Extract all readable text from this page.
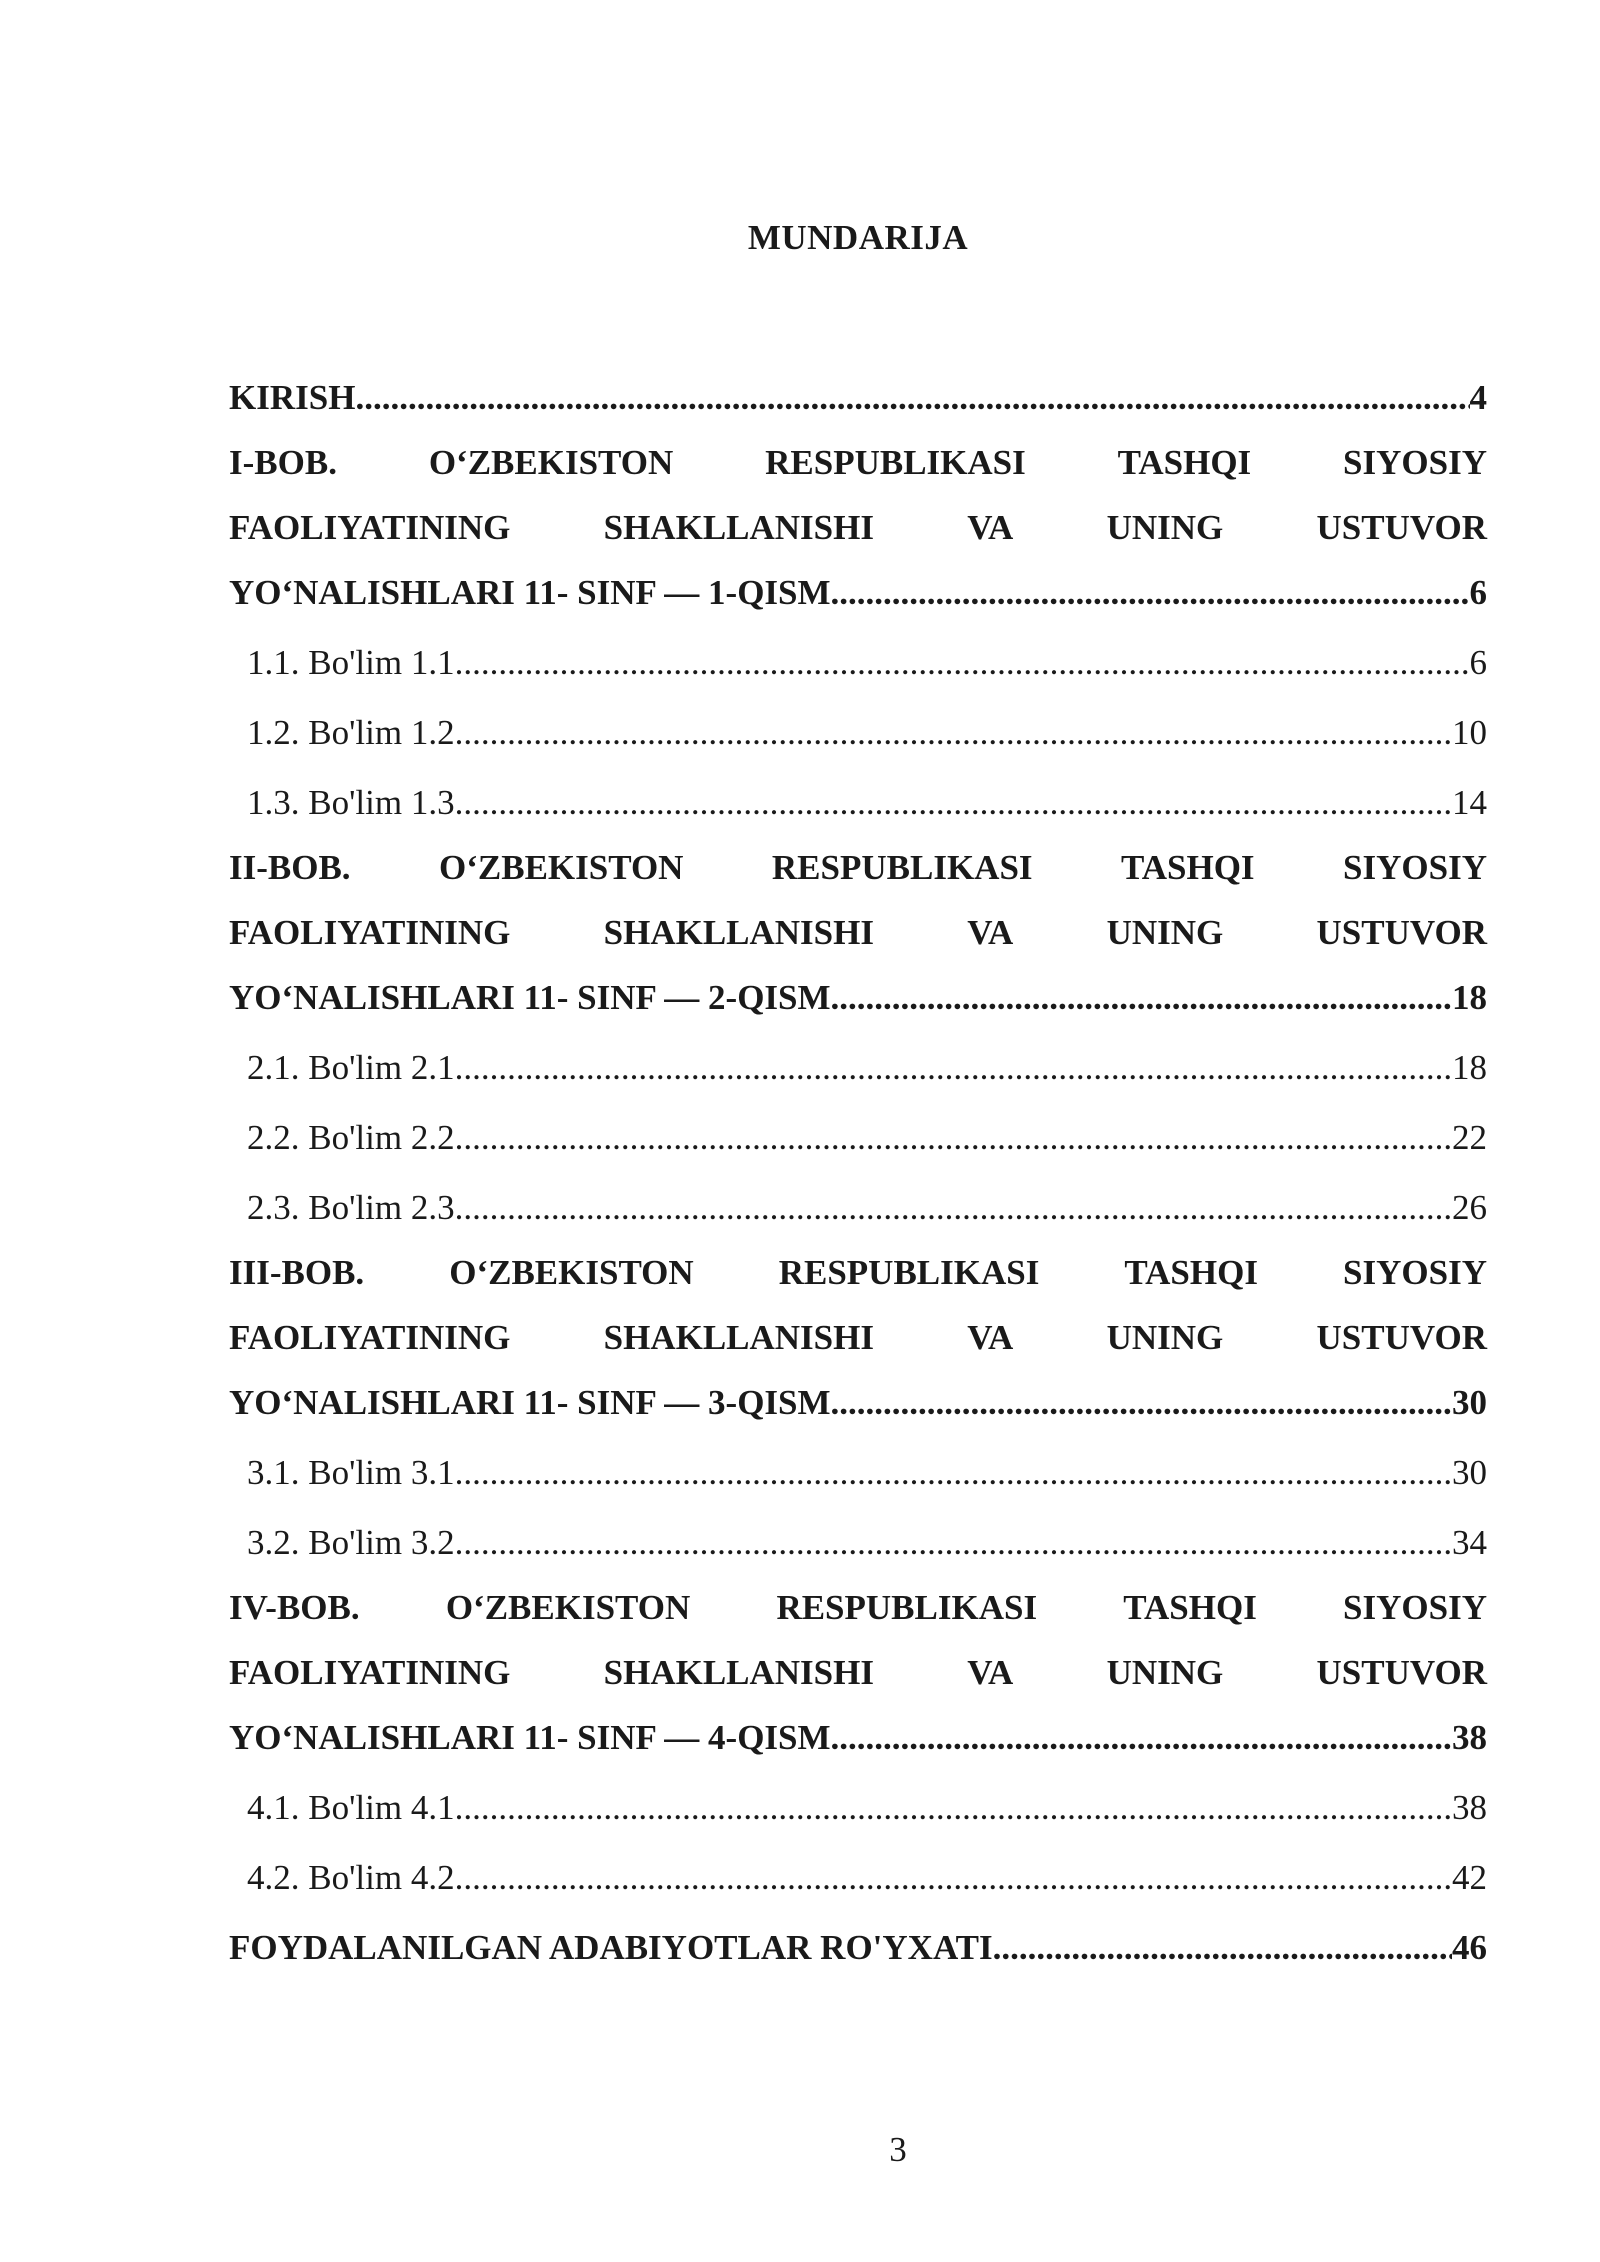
MUNDARIJA
KIRISH .....	4
I-BOB.	O‘ZBEKISTON	RESPUBLIKASI	TASHQI	SIYOSIY
FAOLIYATINING	SHAKLLANISHI	VA	UNING	USTUVOR
YO‘NALISHLARI 11- SINF — 1-QISM .....	6
1.1. Bo'lim 1.1 .....	6
1.2. Bo'lim 1.2 .....	10
1.3. Bo'lim 1.3 .....	14
II-BOB.	O‘ZBEKISTON	RESPUBLIKASI	TASHQI	SIYOSIY
FAOLIYATINING	SHAKLLANISHI	VA	UNING	USTUVOR
YO‘NALISHLARI 11- SINF — 2-QISM .....	18
2.1. Bo'lim 2.1 .....	18
2.2. Bo'lim 2.2 .....	22
2.3. Bo'lim 2.3 .....	26
III-BOB. O‘ZBEKISTON RESPUBLIKASI TASHQI SIYOSIY
FAOLIYATINING	SHAKLLANISHI	VA	UNING	USTUVOR
YO‘NALISHLARI 11- SINF — 3-QISM .....	30
3.1. Bo'lim 3.1 .....	30
3.2. Bo'lim 3.2 .....	34
IV-BOB. O‘ZBEKISTON RESPUBLIKASI TASHQI SIYOSIY
FAOLIYATINING	SHAKLLANISHI	VA	UNING	USTUVOR
YO‘NALISHLARI 11- SINF — 4-QISM .....	38
4.1. Bo'lim 4.1 .....	38
4.2. Bo'lim 4.2 .....	42
FOYDALANILGAN ADABIYOTLAR RO'YXATI .....	46
3
